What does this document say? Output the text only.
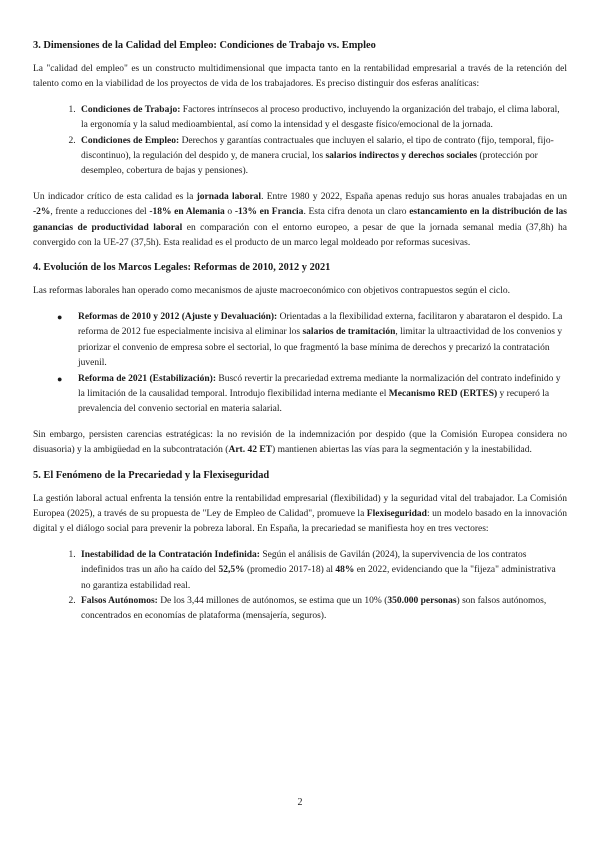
3. Dimensiones de la Calidad del Empleo: Condiciones de Trabajo vs. Empleo

La "calidad del empleo" es un constructo multidimensional que impacta tanto en la rentabilidad empresarial a través de la retención del talento como en la viabilidad de los proyectos de vida de los trabajadores. Es preciso distinguir dos esferas analíticas:

1. Condiciones de Trabajo: Factores intrínsecos al proceso productivo, incluyendo la organización del trabajo, el clima laboral, la ergonomía y la salud medioambiental, así como la intensidad y el desgaste físico/emocional de la jornada.
2. Condiciones de Empleo: Derechos y garantías contractuales que incluyen el salario, el tipo de contrato (fijo, temporal, fijo-discontinuo), la regulación del despido y, de manera crucial, los salarios indirectos y derechos sociales (protección por desempleo, cobertura de bajas y pensiones).

Un indicador crítico de esta calidad es la jornada laboral. Entre 1980 y 2022, España apenas redujo sus horas anuales trabajadas en un -2%, frente a reducciones del -18% en Alemania o -13% en Francia. Esta cifra denota un claro estancamiento en la distribución de las ganancias de productividad laboral en comparación con el entorno europeo, a pesar de que la jornada semanal media (37,8h) ha convergido con la UE-27 (37,5h). Esta realidad es el producto de un marco legal moldeado por reformas sucesivas.

4. Evolución de los Marcos Legales: Reformas de 2010, 2012 y 2021

Las reformas laborales han operado como mecanismos de ajuste macroeconómico con objetivos contrapuestos según el ciclo.

● Reformas de 2010 y 2012 (Ajuste y Devaluación): Orientadas a la flexibilidad externa, facilitaron y abarataron el despido. La reforma de 2012 fue especialmente incisiva al eliminar los salarios de tramitación, limitar la ultraactividad de los convenios y priorizar el convenio de empresa sobre el sectorial, lo que fragmentó la base mínima de derechos y precarizó la contratación juvenil.
● Reforma de 2021 (Estabilización): Buscó revertir la precariedad extrema mediante la normalización del contrato indefinido y la limitación de la causalidad temporal. Introdujo flexibilidad interna mediante el Mecanismo RED (ERTES) y recuperó la prevalencia del convenio sectorial en materia salarial.

Sin embargo, persisten carencias estratégicas: la no revisión de la indemnización por despido (que la Comisión Europea considera no disuasoria) y la ambigüedad en la subcontratación (Art. 42 ET) mantienen abiertas las vías para la segmentación y la inestabilidad.

5. El Fenómeno de la Precariedad y la Flexiseguridad

La gestión laboral actual enfrenta la tensión entre la rentabilidad empresarial (flexibilidad) y la seguridad vital del trabajador. La Comisión Europea (2025), a través de su propuesta de "Ley de Empleo de Calidad", promueve la Flexiseguridad: un modelo basado en la innovación digital y el diálogo social para prevenir la pobreza laboral. En España, la precariedad se manifiesta hoy en tres vectores:

1. Inestabilidad de la Contratación Indefinida: Según el análisis de Gavilán (2024), la supervivencia de los contratos indefinidos tras un año ha caído del 52,5% (promedio 2017-18) al 48% en 2022, evidenciando que la "fijeza" administrativa no garantiza estabilidad real.
2. Falsos Autónomos: De los 3,44 millones de autónomos, se estima que un 10% (350.000 personas) son falsos autónomos, concentrados en economías de plataforma (mensajería, seguros).
2
